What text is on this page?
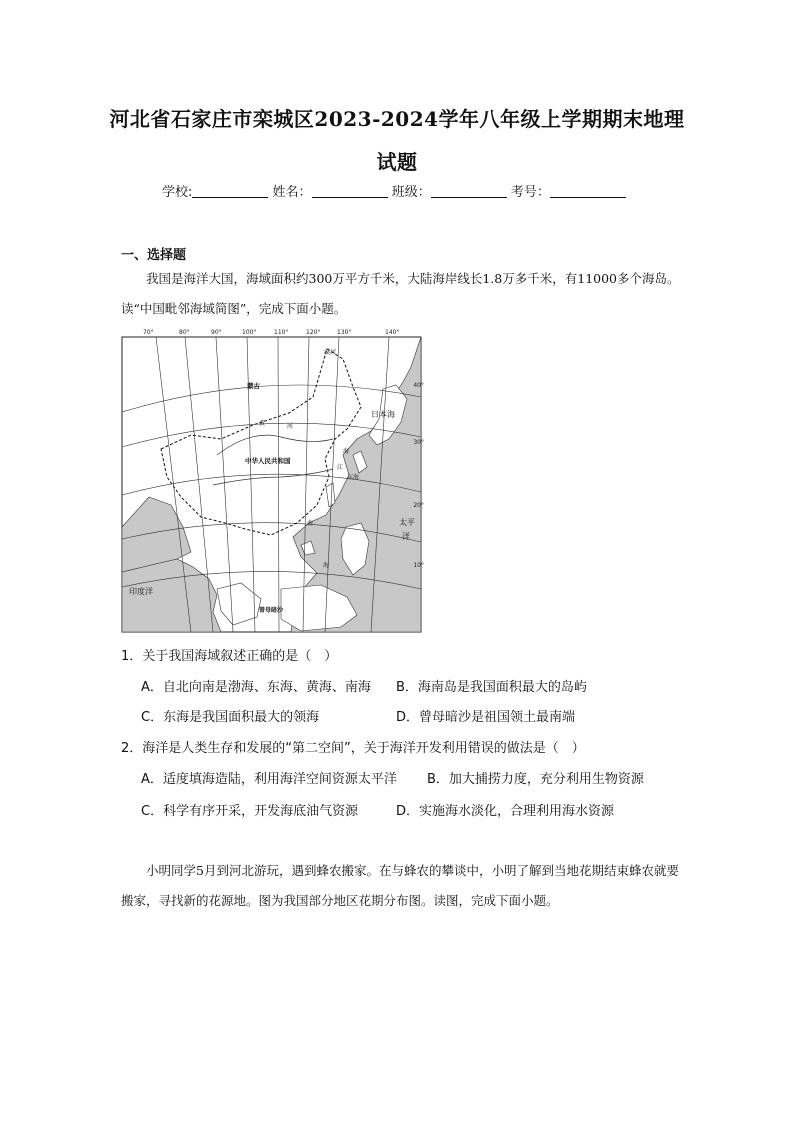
河北省石家庄市栾城区2023-2024学年八年级上学期期末地理
试题
学校:	姓名：	班级：	考号：
一、选择题
我国是海洋大国，海域面积约300万平方千米，大陆海岸线长1.8万多千米，有11000多个海岛。读“中国毗邻海域简图”，完成下面小题。
70°	80°	90°	100°	110°	120°	130°	140°
漠河
蒙古
日本海
黄	河
海
中华人民共和国
江
东海
太平
洋
南
海
印度洋
曾母暗沙
40°
30°
20°
10°
1．关于我国海域叙述正确的是（　）
A．自北向南是渤海、东海、黄海、南海 B．海南岛是我国面积最大的岛屿
C．东海是我国面积最大的领海	D．曾母暗沙是祖国领土最南端
2．海洋是人类生存和发展的“第二空间”，关于海洋开发利用错误的做法是（　）
A．适度填海造陆，利用海洋空间资源太平洋 B．加大捕捞力度，充分利用生物资源
C．科学有序开采，开发海底油气资源	D．实施海水淡化，合理利用海水资源
小明同学5月到河北游玩，遇到蜂农搬家。在与蜂农的攀谈中，小明了解到当地花期结束蜂农就要搬家，寻找新的花源地。图为我国部分地区花期分布图。读图，完成下面小题。
